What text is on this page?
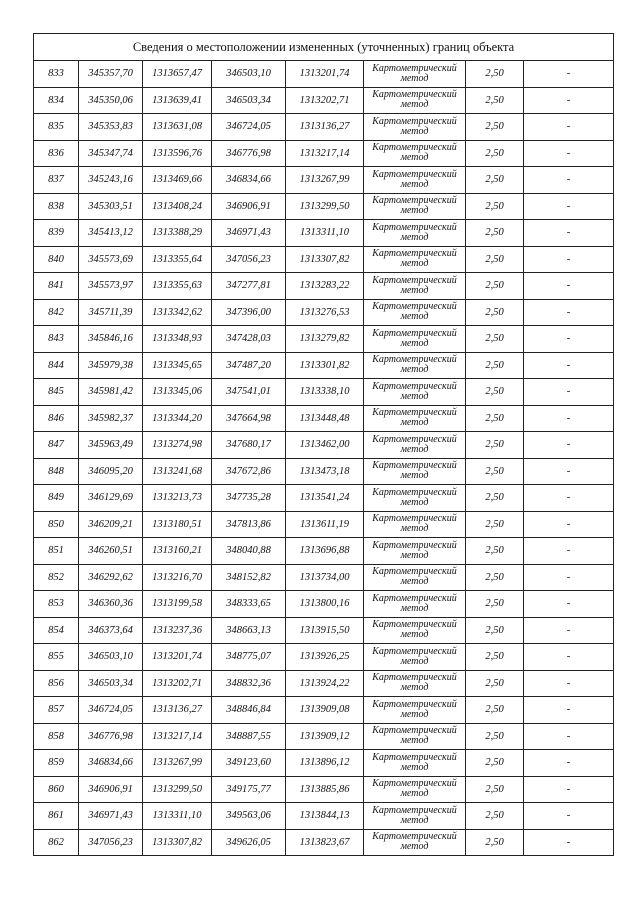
Сведения о местоположении измененных (уточненных) границ объекта							
833	345357,70	1313657,47	346503,10	1313201,74	Картометрический метод	2,50	-
834	345350,06	1313639,41	346503,34	1313202,71	Картометрический метод	2,50	-
835	345353,83	1313631,08	346724,05	1313136,27	Картометрический метод	2,50	-
836	345347,74	1313596,76	346776,98	1313217,14	Картометрический метод	2,50	-
837	345243,16	1313469,66	346834,66	1313267,99	Картометрический метод	2,50	-
838	345303,51	1313408,24	346906,91	1313299,50	Картометрический метод	2,50	-
839	345413,12	1313388,29	346971,43	1313311,10	Картометрический метод	2,50	-
840	345573,69	1313355,64	347056,23	1313307,82	Картометрический метод	2,50	-
841	345573,97	1313355,63	347277,81	1313283,22	Картометрический метод	2,50	-
842	345711,39	1313342,62	347396,00	1313276,53	Картометрический метод	2,50	-
843	345846,16	1313348,93	347428,03	1313279,82	Картометрический метод	2,50	-
844	345979,38	1313345,65	347487,20	1313301,82	Картометрический метод	2,50	-
845	345981,42	1313345,06	347541,01	1313338,10	Картометрический метод	2,50	-
846	345982,37	1313344,20	347664,98	1313448,48	Картометрический метод	2,50	-
847	345963,49	1313274,98	347680,17	1313462,00	Картометрический метод	2,50	-
848	346095,20	1313241,68	347672,86	1313473,18	Картометрический метод	2,50	-
849	346129,69	1313213,73	347735,28	1313541,24	Картометрический метод	2,50	-
850	346209,21	1313180,51	347813,86	1313611,19	Картометрический метод	2,50	-
851	346260,51	1313160,21	348040,88	1313696,88	Картометрический метод	2,50	-
852	346292,62	1313216,70	348152,82	1313734,00	Картометрический метод	2,50	-
853	346360,36	1313199,58	348333,65	1313800,16	Картометрический метод	2,50	-
854	346373,64	1313237,36	348663,13	1313915,50	Картометрический метод	2,50	-
855	346503,10	1313201,74	348775,07	1313926,25	Картометрический метод	2,50	-
856	346503,34	1313202,71	348832,36	1313924,22	Картометрический метод	2,50	-
857	346724,05	1313136,27	348846,84	1313909,08	Картометрический метод	2,50	-
858	346776,98	1313217,14	348887,55	1313909,12	Картометрический метод	2,50	-
859	346834,66	1313267,99	349123,60	1313896,12	Картометрический метод	2,50	-
860	346906,91	1313299,50	349175,77	1313885,86	Картометрический метод	2,50	-
861	346971,43	1313311,10	349563,06	1313844,13	Картометрический метод	2,50	-
862	347056,23	1313307,82	349626,05	1313823,67	Картометрический метод	2,50	-
